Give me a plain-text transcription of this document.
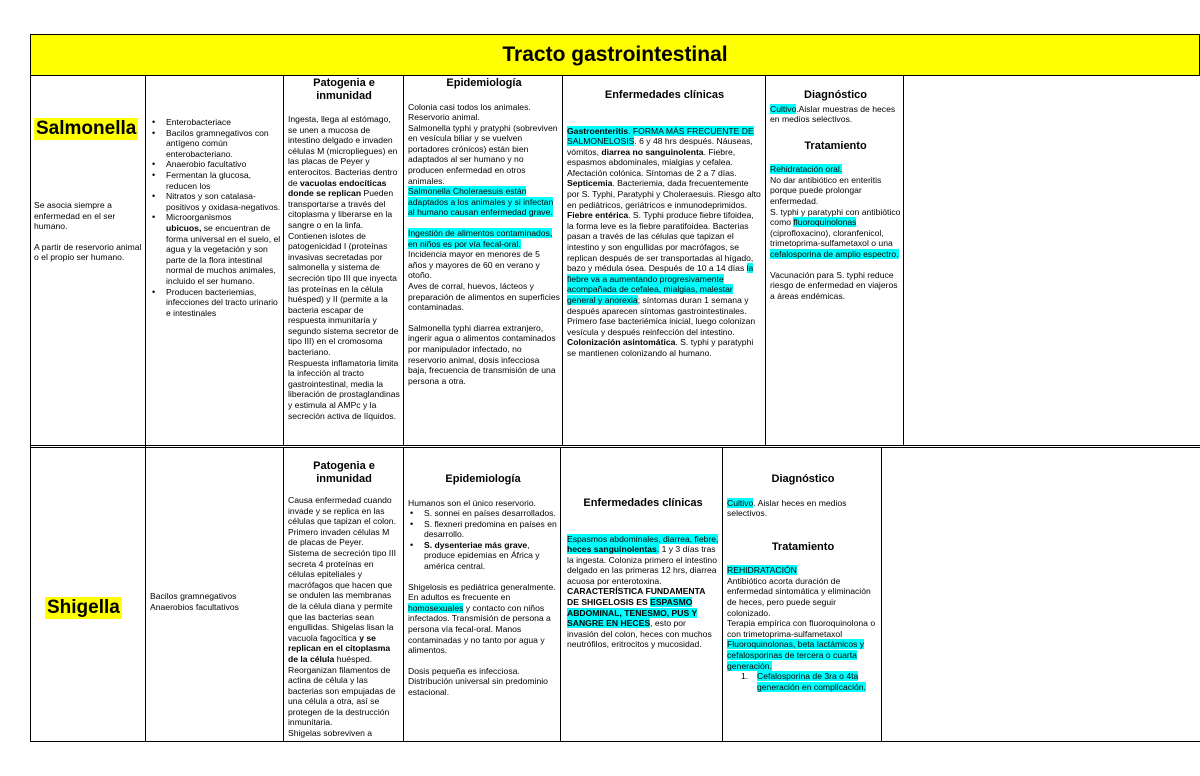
Tracto gastrointestinal
Salmonella

Se asocia siempre a enfermedad en el ser humano.

A partir de reservorio animal o el propio ser humano.

• Enterobacteriace
• Bacilos gramnegativos con antígeno común enterobacteriano.
• Anaerobio facultativo
• Fermentan la glucosa, reducen los
• Nitratos y son catalasa-positivos y oxidasa-negativos.
• Microorganismos
ubicuos, se encuentran de forma universal en el suelo, el agua y la vegetación y son parte de la flora intestinal normal de muchos animales, incluido el ser humano.
• Producen bacteriemias, infecciones del tracto urinario e intestinales
Patogenia e inmunidad

Ingesta, llega al estómago, se unen a mucosa de intestino delgado e invaden células M (micropliegues) en las placas de Peyer y enterocitos. Bacterias dentro de vacuolas endocíticas donde se replican Pueden transportarse a través del citoplasma y liberarse en la sangre o en la linfa. Contienen islotes de patogenicidad I (proteínas invasivas secretadas por salmonella y sistema de secreción tipo III que inyecta las proteínas en la célula huésped) y II (permite a la bacteria escapar de respuesta inmunitaria y segundo sistema secretor de tipo III) en el cromosoma bacteriano.

Respuesta inflamatoria limita la infección al tracto gastrointestinal, media la liberación de prostaglandinas y estimula al AMPc y la secreción activa de líquidos.

Epidemiología

Colonia casi todos los animales.

Reservorio animal.

Salmonella typhi y pratyphi (sobreviven en vesícula biliar y se vuelven portadores crónicos) están bien adaptados al ser humano y no producen enfermedad en otros animales.

Salmonella Choleraesuis están adaptados a los animales y si infectan al humano causan enfermedad grave.

Ingestión de alimentos contaminados, en niños es por vía fecal-oral. Incidencia mayor en menores de 5 años y mayores de 60 en verano y otoño.

Aves de corral, huevos, lácteos y preparación de alimentos en superficies contaminadas.

Salmonella typhi diarrea extranjero, ingerir agua o alimentos contaminados por manipulador infectado, no reservorio animal, dosis infecciosa baja, frecuencia de transmisión de una persona a otra.

Enfermedades clínicas

Gastroenteritis. FORMA MÁS FRECUENTE DE SALMONELOSIS. 6 y 48 hrs después. Náuseas, vómitos, diarrea no sanguinolenta. Fiebre, espasmos abdominales, mialgias y cefalea. Afectación colónica. Síntomas de 2 a 7 días.

Septicemia. Bacteriemia, dada frecuentemente por S. Typhi, Paratyphi y Choleraesuis. Riesgo alto en pediátricos, geriátricos e inmunodeprimidos.

Fiebre entérica. S. Typhi produce fiebre tifoidea, la forma leve es la fiebre paratifoidea. Bacterias pasan a través de las células que tapizan el intestino y son engullidas por macrófagos, se replican después de ser transportadas al hígado, bazo y médula ósea. Después de 10 a 14 días la fiebre va a aumentando progresivamente acompañada de cefalea, mialgias, malestar general y anorexia; síntomas duran 1 semana y después aparecen síntomas gastrointestinales. Primero fase bacteriémica inicial, luego colonizan vesícula y después reinfección del intestino.

Colonización asintomática. S. typhi y paratyphi se mantienen colonizando al humano.

Diagnóstico

Cultivo.Aislar muestras de heces en medios selectivos.

Tratamiento

Rehidratación oral.

No dar antibiótico en enteritis porque puede prolongar enfermedad.

S. typhi y paratyphi con antibiótico como fluoroquinolonas (ciprofloxacino), cloranfenicol, trimetoprima-sulfametaxol o una cefalosporina de amplio espectro.

Vacunación para S. typhi reduce riesgo de enfermedad en viajeros a áreas endémicas.

Shigella

Bacilos gramnegativos

Anaerobios facultativos

Patogenia e inmunidad

Causa enfermedad cuando invade y se replica en las células que tapizan el colon.

Primero invaden células M de placas de Peyer.

Sistema de secreción tipo III secreta 4 proteínas en células epiteliales y macrófagos que hacen que se ondulen las membranas de la célula diana y permite que las bacterias sean engullidas. Shigelas lisan la vacuola fagocítica y se replican en el citoplasma de la célula huésped. Reorganizan filamentos de actina de célula y las bacterias son empujadas de una célula a otra, así se protegen de la destrucción inmunitaria.

Shigelas sobreviven a

Epidemiología

Humanos son el único reservorio.

• S. sonnei en países desarrollados.
• S. flexneri predomina en países en desarrollo.
• S. dysenteriae más grave, produce epidemias en África y américa central.

Shigelosis es pediátrica generalmente.

En adultos es frecuente en homosexuales y contacto con niños infectados. Transmisión de persona a persona vía fecal-oral. Manos contaminadas y no tanto por agua y alimentos.

Dosis pequeña es infecciosa. Distribución universal sin predominio estacional.

Enfermedades clínicas

Espasmos abdominales, diarrea, fiebre, heces sanguinolentas. 1 y 3 días tras la ingesta. Coloniza primero el intestino delgado en las primeras 12 hrs, diarrea acuosa por enterotoxina. CARACTERÍSTICA FUNDAMENTA DE SHIGELOSIS ES ESPASMO ABDOMINAL, TENESMO, PUS Y SANGRE EN HECES, esto por invasión del colon, heces con muchos neutrófilos, eritrocitos y mucosidad.

Diagnóstico

Cultivo. Aislar heces en medios selectivos.

Tratamiento

REHIDRATACIÓN

Antibiótico acorta duración de enfermedad sintomática y eliminación de heces, pero puede seguir colonizado.

Terapia empírica con fluoroquinolona o con trimetoprima-sulfametaxol

Fluoroquinolonas, beta lactámicos y cefalosporinas de tercera o cuarta generación.

1. Cefalosporina de 3ra o 4ta generación en complicación.
